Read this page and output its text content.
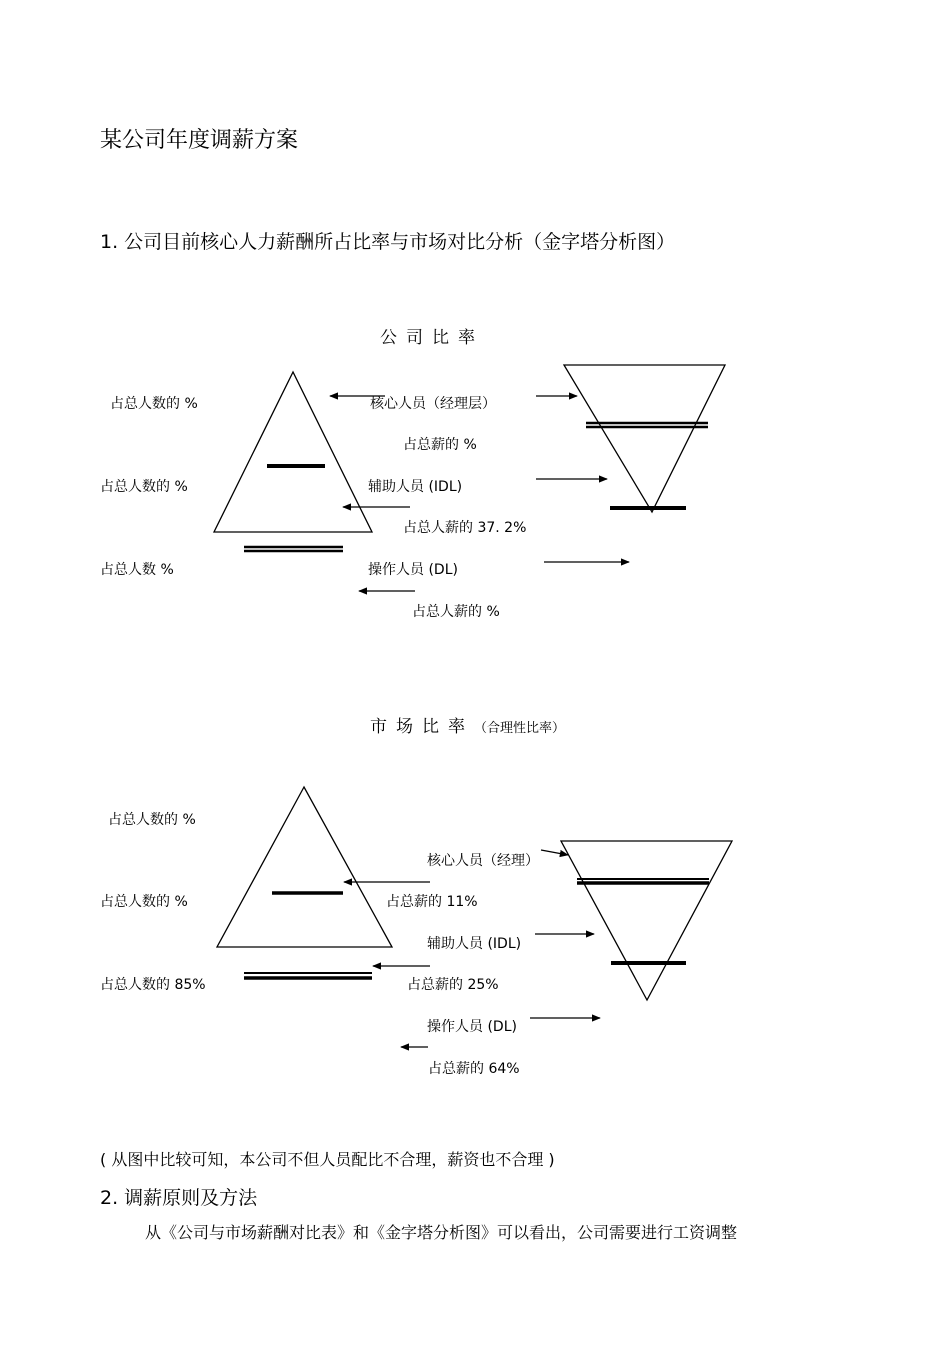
某公司年度调薪方案
1. 公司目前核心人力薪酬所占比率与市场对比分析（金字塔分析图）
公司比率
占总人数的 %
占总人数的 %
占总人数 %
核心人员（经理层）
占总薪的 %
辅助人员 (IDL)
占总人薪的 37. 2%
操作人员 (DL)
占总人薪的 %
市场比率（合理性比率）
占总人数的 %
占总人数的 %
占总人数的 85%
核心人员（经理）
占总薪的 11%
辅助人员 (IDL)
占总薪的 25%
操作人员 (DL)
占总薪的 64%
( 从图中比较可知，本公司不但人员配比不合理，薪资也不合理 )
2. 调薪原则及方法
从《公司与市场薪酬对比表》和《金字塔分析图》可以看出，公司需要进行工资调整
